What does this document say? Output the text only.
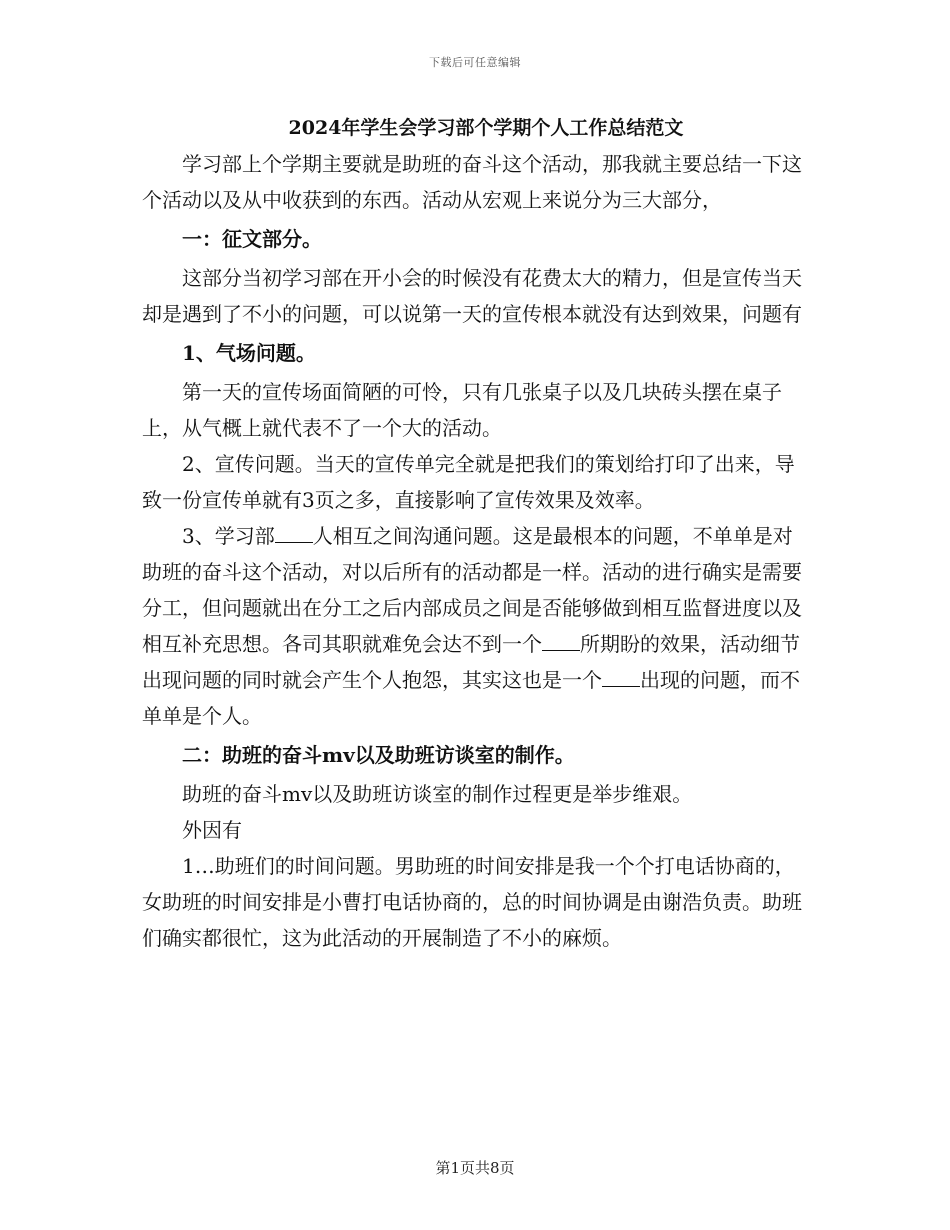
下载后可任意编辑

2024年学生会学习部个学期个人工作总结范文

学习部上个学期主要就是助班的奋斗这个活动，那我就主要总结一下这个活动以及从中收获到的东西。活动从宏观上来说分为三大部分，

一：征文部分。

这部分当初学习部在开小会的时候没有花费太大的精力，但是宣传当天却是遇到了不小的问题，可以说第一天的宣传根本就没有达到效果，问题有

1、气场问题。

第一天的宣传场面简陋的可怜，只有几张桌子以及几块砖头摆在桌子上，从气概上就代表不了一个大的活动。

2、宣传问题。当天的宣传单完全就是把我们的策划给打印了出来，导致一份宣传单就有3页之多，直接影响了宣传效果及效率。

3、学习部 人相互之间沟通问题。这是最根本的问题，不单单是对助班的奋斗这个活动，对以后所有的活动都是一样。活动的进行确实是需要分工，但问题就出在分工之后内部成员之间是否能够做到相互监督进度以及相互补充思想。各司其职就难免会达不到一个 所期盼的效果，活动细节出现问题的同时就会产生个人抱怨，其实这也是一个 出现的问题，而不单单是个人。

二：助班的奋斗mv以及助班访谈室的制作。

助班的奋斗mv以及助班访谈室的制作过程更是举步维艰。

外因有

1…助班们的时间问题。男助班的时间安排是我一个个打电话协商的，女助班的时间安排是小曹打电话协商的，总的时间协调是由谢浩负责。助班们确实都很忙，这为此活动的开展制造了不小的麻烦。

第1页共8页
